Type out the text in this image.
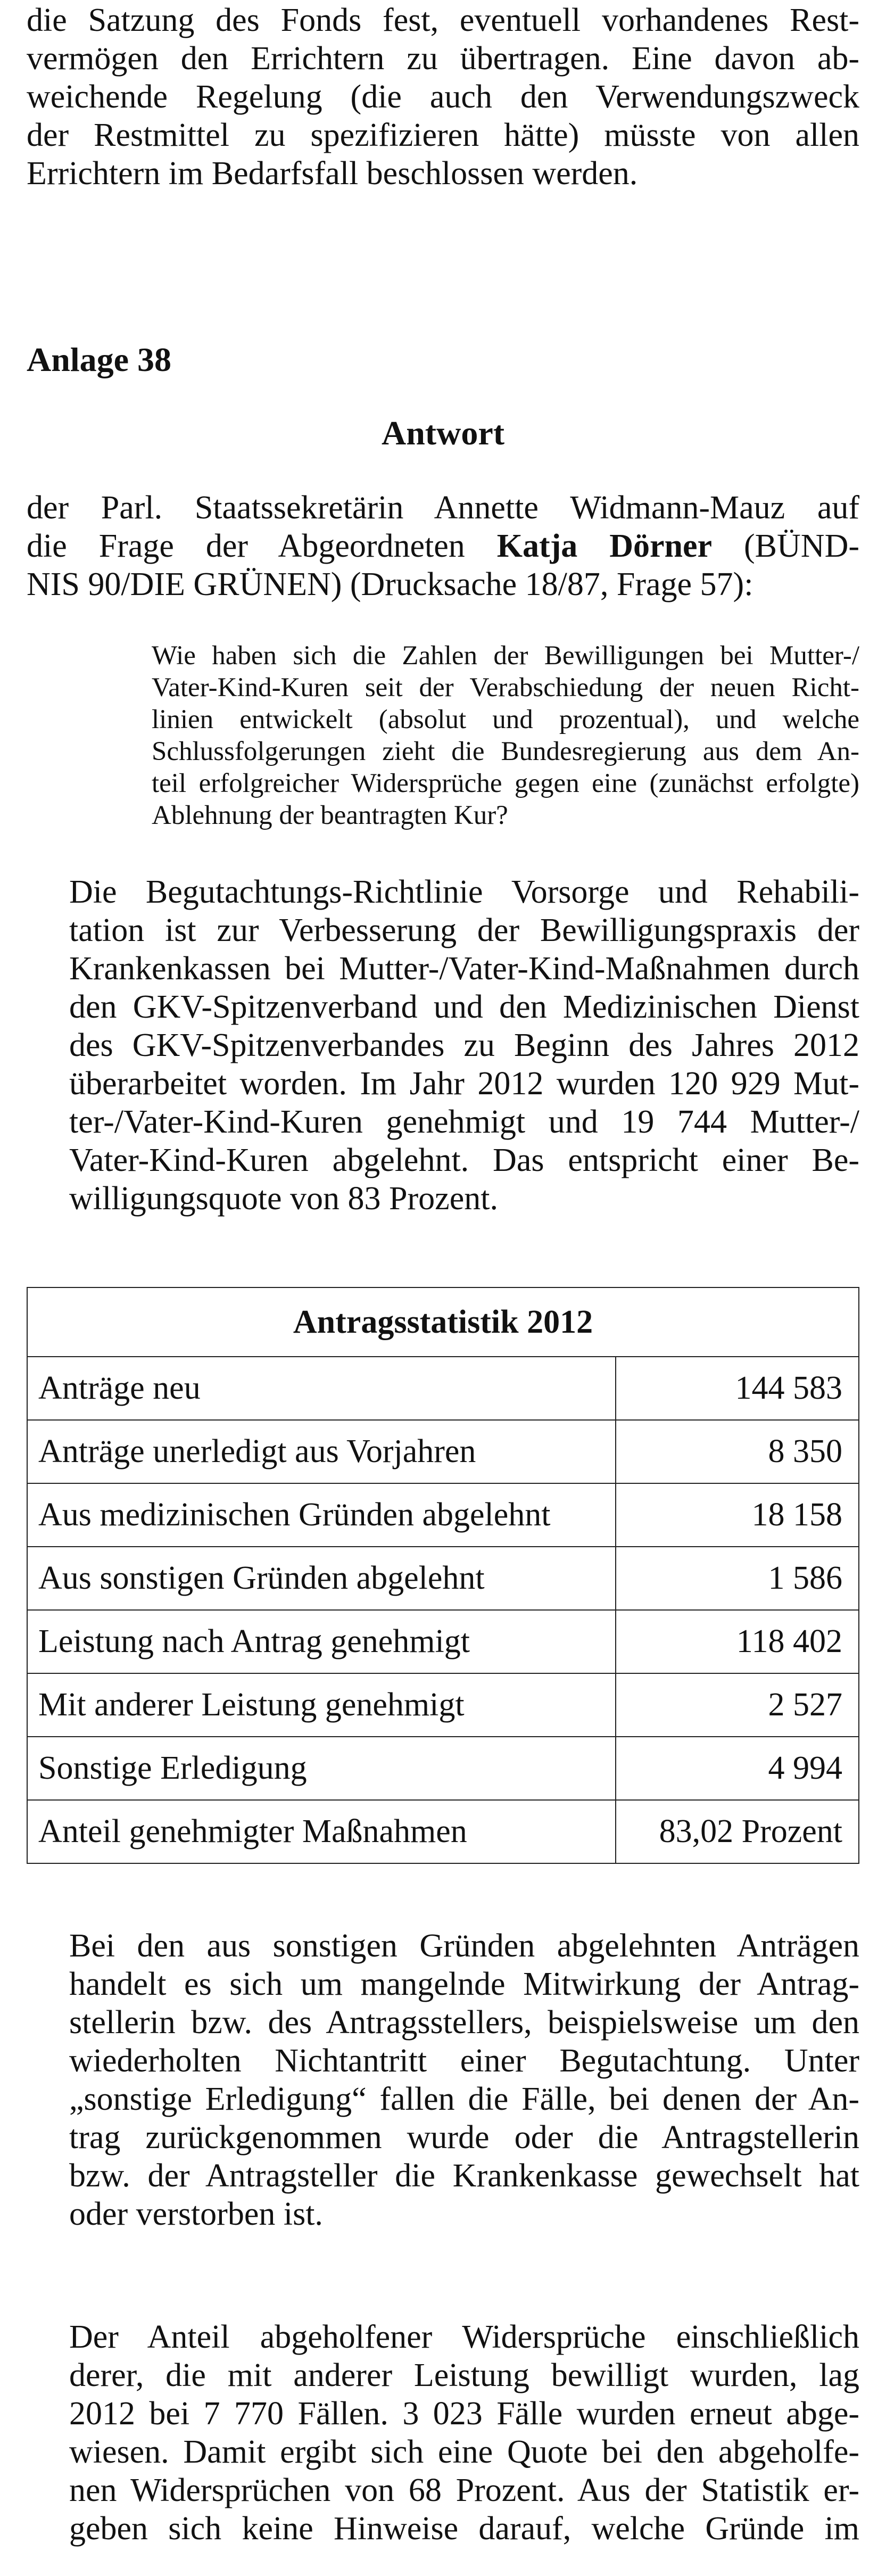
die Satzung des Fonds fest, eventuell vorhandenes Rest-
vermögen den Errichtern zu übertragen. Eine davon ab-
weichende Regelung (die auch den Verwendungszweck
der Restmittel zu spezifizieren hätte) müsste von allen
Errichtern im Bedarfsfall beschlossen werden.
Anlage 38
Antwort
der Parl. Staatssekretärin Annette Widmann-Mauz auf
die Frage der Abgeordneten Katja Dörner (BÜND-
NIS 90/DIE GRÜNEN) (Drucksache 18/87, Frage 57):
Wie haben sich die Zahlen der Bewilligungen bei Mutter-/
Vater-Kind-Kuren seit der Verabschiedung der neuen Richt-
linien entwickelt (absolut und prozentual), und welche
Schlussfolgerungen zieht die Bundesregierung aus dem An-
teil erfolgreicher Widersprüche gegen eine (zunächst erfolgte)
Ablehnung der beantragten Kur?
Die Begutachtungs-Richtlinie Vorsorge und Rehabili-
tation ist zur Verbesserung der Bewilligungspraxis der
Krankenkassen bei Mutter-/Vater-Kind-Maßnahmen durch
den GKV-Spitzenverband und den Medizinischen Dienst
des GKV-Spitzenverbandes zu Beginn des Jahres 2012
überarbeitet worden. Im Jahr 2012 wurden 120 929 Mut-
ter-/Vater-Kind-Kuren genehmigt und 19 744 Mutter-/
Vater-Kind-Kuren abgelehnt. Das entspricht einer Be-
willigungsquote von 83 Prozent.
Antragsstatistik 2012	
Anträge neu	144 583
Anträge unerledigt aus Vorjahren	8 350
Aus medizinischen Gründen abgelehnt	18 158
Aus sonstigen Gründen abgelehnt	1 586
Leistung nach Antrag genehmigt	118 402
Mit anderer Leistung genehmigt	2 527
Sonstige Erledigung	4 994
Anteil genehmigter Maßnahmen	83,02 Prozent
Bei den aus sonstigen Gründen abgelehnten Anträgen
handelt es sich um mangelnde Mitwirkung der Antrag-
stellerin bzw. des Antragsstellers, beispielsweise um den
wiederholten Nichtantritt einer Begutachtung. Unter
„sonstige Erledigung“ fallen die Fälle, bei denen der An-
trag zurückgenommen wurde oder die Antragstellerin
bzw. der Antragsteller die Krankenkasse gewechselt hat
oder verstorben ist.
Der Anteil abgeholfener Widersprüche einschließlich
derer, die mit anderer Leistung bewilligt wurden, lag
2012 bei 7 770 Fällen. 3 023 Fälle wurden erneut abge-
wiesen. Damit ergibt sich eine Quote bei den abgeholfe-
nen Widersprüchen von 68 Prozent. Aus der Statistik er-
geben sich keine Hinweise darauf, welche Gründe im
